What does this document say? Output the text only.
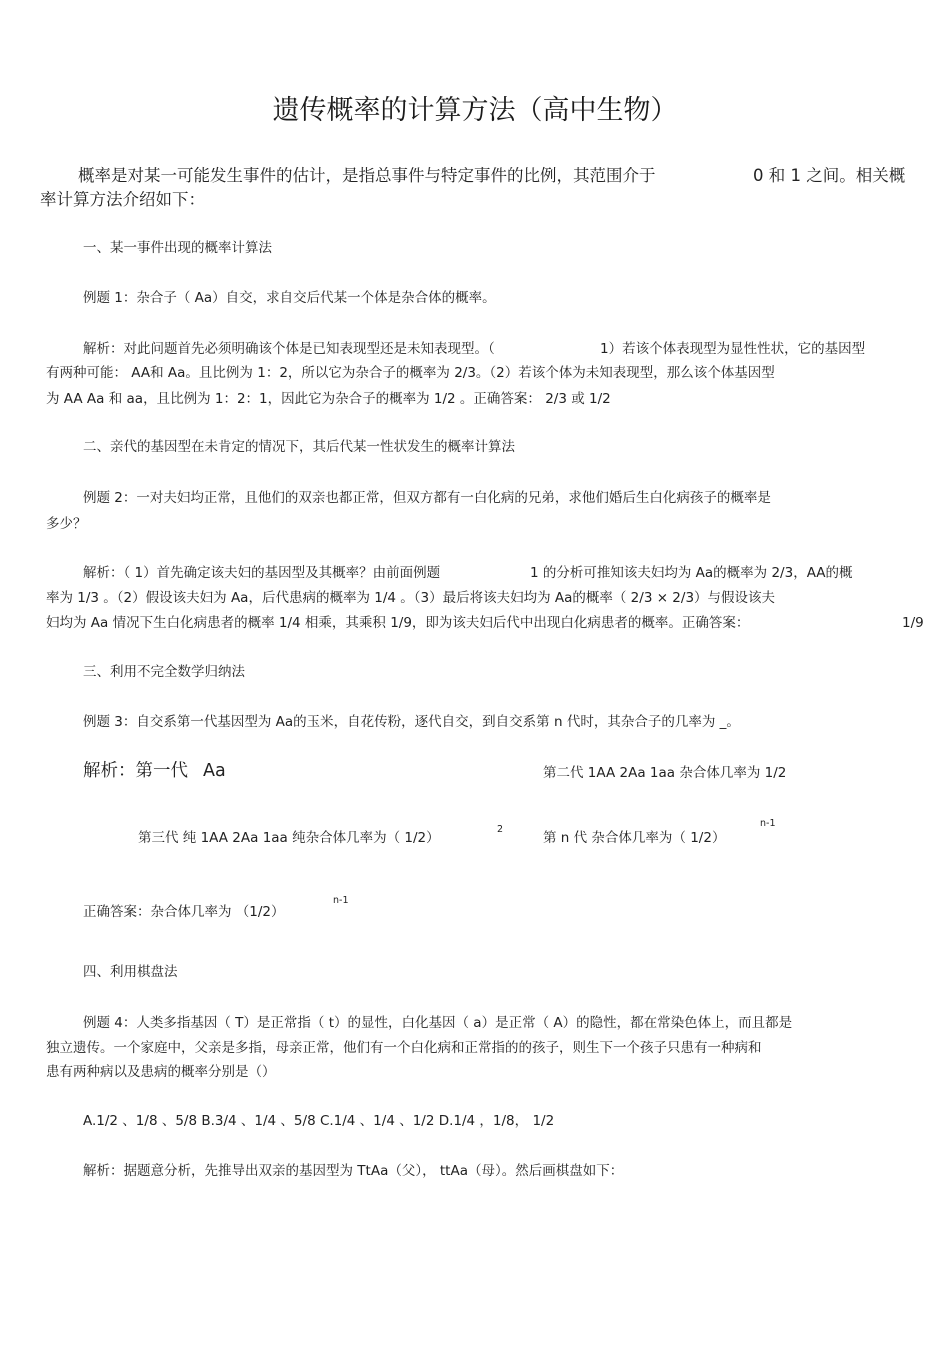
遗传概率的计算方法（高中生物）
概率是对某一可能发生事件的估计，是指总事件与特定事件的比例，其范围介于	0 和 1 之间。相关概
率计算方法介绍如下：
一、某一事件出现的概率计算法
例题 1：杂合子（ Aa）自交，求自交后代某一个体是杂合体的概率。
解析：对此问题首先必须明确该个体是已知表现型还是未知表现型。（	1）若该个体表现型为显性性状，它的基因型
有两种可能： AA和 Aa。且比例为 1：2，所以它为杂合子的概率为 2/3。（2）若该个体为未知表现型，那么该个体基因型
为 AA Aa 和 aa，且比例为 1：2：1，因此它为杂合子的概率为 1/2 。正确答案： 2/3 或 1/2
二、亲代的基因型在未肯定的情况下，其后代某一性状发生的概率计算法
例题 2：一对夫妇均正常，且他们的双亲也都正常，但双方都有一白化病的兄弟，求他们婚后生白化病孩子的概率是
多少？
解析：（ 1）首先确定该夫妇的基因型及其概率？由前面例题	1 的分析可推知该夫妇均为 Aa的概率为 2/3，AA的概
率为 1/3 。（2）假设该夫妇为 Aa，后代患病的概率为 1/4 。（3）最后将该夫妇均为 Aa的概率（ 2/3 × 2/3）与假设该夫
妇均为 Aa 情况下生白化病患者的概率 1/4 相乘，其乘积 1/9，即为该夫妇后代中出现白化病患者的概率。正确答案：	1/9
三、利用不完全数学归纳法
例题 3：自交系第一代基因型为 Aa的玉米，自花传粉，逐代自交，到自交系第 n 代时，其杂合子的几率为 _。
解析：第一代 Aa	第二代 1AA 2Aa 1aa 杂合体几率为 1/2
第三代 纯 1AA 2Aa 1aa 纯杂合体几率为（ 1/2）
2
第 n 代 杂合体几率为（ 1/2）
n-1
正确答案：杂合体几率为 （1/2）
n-1
四、利用棋盘法
例题 4：人类多指基因（ T）是正常指（ t）的显性，白化基因（ a）是正常（ A）的隐性，都在常染色体上，而且都是
独立遗传。一个家庭中，父亲是多指，母亲正常，他们有一个白化病和正常指的的孩子，则生下一个孩子只患有一种病和
患有两种病以及患病的概率分别是（）
A.1/2 、1/8 、5/8 B.3/4 、1/4 、5/8 C.1/4 、1/4 、1/2 D.1/4 ，1/8， 1/2
解析：据题意分析，先推导出双亲的基因型为 TtAa（父）， ttAa（母）。然后画棋盘如下：
